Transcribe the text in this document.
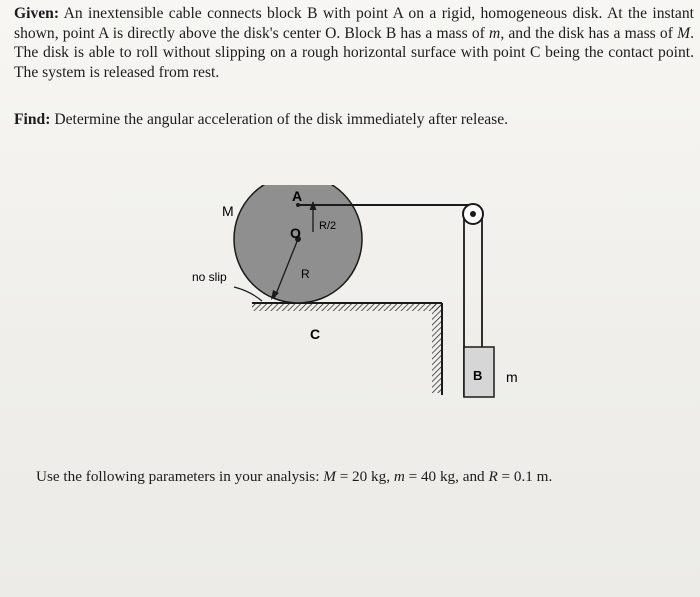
Given: An inextensible cable connects block B with point A on a rigid, homogeneous disk. At the instant shown, point A is directly above the disk's center O. Block B has a mass of m, and the disk has a mass of M. The disk is able to roll without slipping on a rough horizontal surface with point C being the contact point. The system is released from rest.
Find: Determine the angular acceleration of the disk immediately after release.
M
A
O R/2
R
no slip
C
B m
Use the following parameters in your analysis: M = 20 kg, m = 40 kg, and R = 0.1 m.
